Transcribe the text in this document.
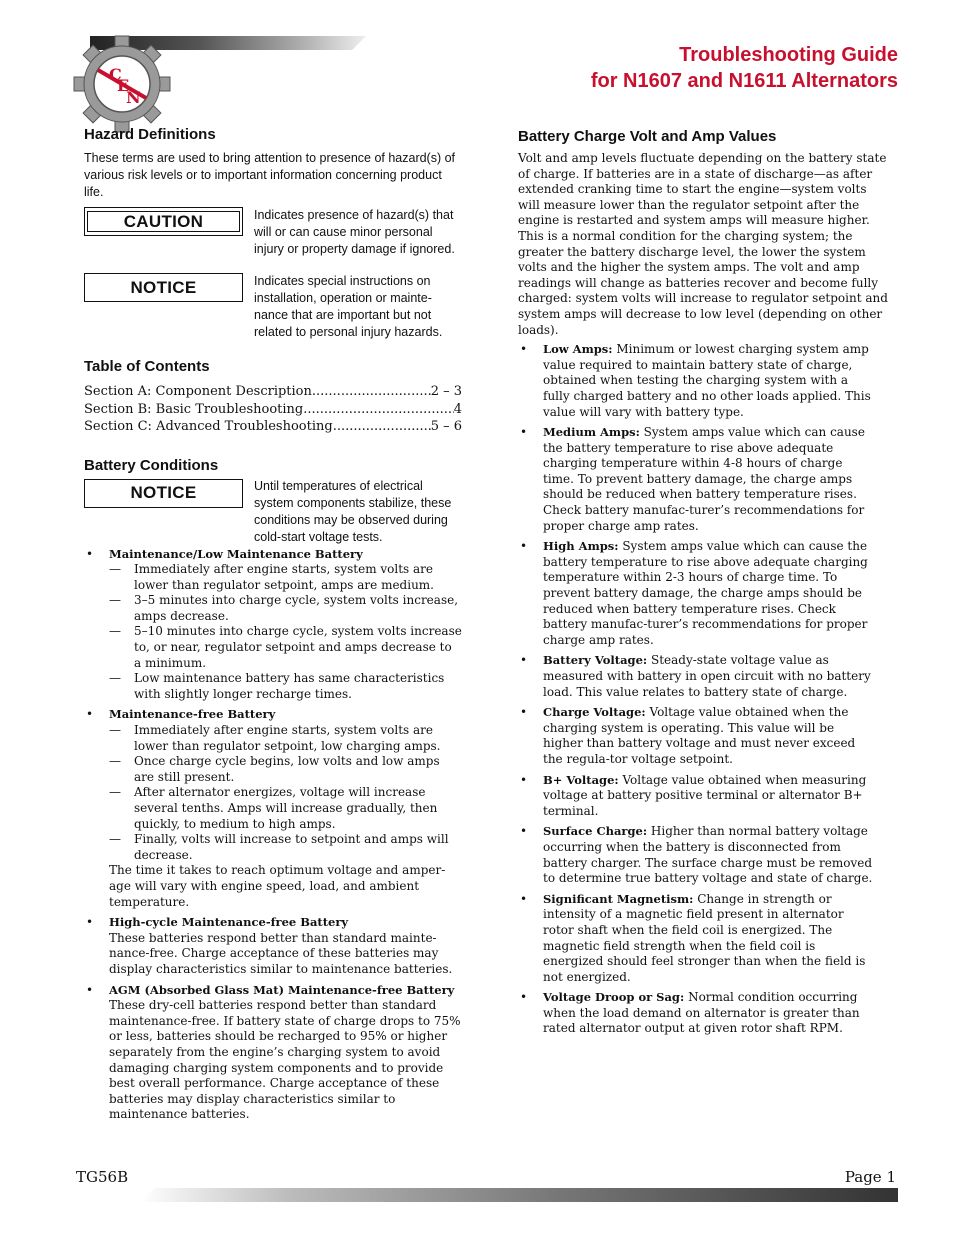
C
E
N
Troubleshooting Guide
for N1607 and N1611 Alternators
Hazard Definitions

These terms are used to bring attention to presence of hazard(s) of various risk levels or to important information concerning product life.

CAUTION	Indicates presence of hazard(s) that will or can cause minor personal injury or property damage if ignored.
NOTICE	Indicates special instructions on installation, operation or mainte-nance that are important but not related to personal injury hazards.
Table of Contents
Section A: Component Description .....	2 – 3
Section B: Basic Troubleshooting .....	4
Section C: Advanced Troubleshooting .....	5 – 6
Battery Conditions
NOTICE	Until temperatures of electrical system components stabilize, these conditions may be observed during cold-start voltage tests.
• Maintenance/Low Maintenance Battery
— Immediately after engine starts, system volts are lower than regulator setpoint, amps are medium.
— 3–5 minutes into charge cycle, system volts increase, amps decrease.
— 5–10 minutes into charge cycle, system volts increase to, or near, regulator setpoint and amps decrease to a minimum.
— Low maintenance battery has same characteristics with slightly longer recharge times.
• Maintenance-free Battery
— Immediately after engine starts, system volts are lower than regulator setpoint, low charging amps.
— Once charge cycle begins, low volts and low amps are still present.
— After alternator energizes, voltage will increase several tenths. Amps will increase gradually, then quickly, to medium to high amps.
— Finally, volts will increase to setpoint and amps will decrease.
The time it takes to reach optimum voltage and amper-age will vary with engine speed, load, and ambient temperature.
• High-cycle Maintenance-free Battery
These batteries respond better than standard mainte-nance-free. Charge acceptance of these batteries may display characteristics similar to maintenance batteries.
• AGM (Absorbed Glass Mat) Maintenance-free Battery
These dry-cell batteries respond better than standard maintenance-free. If battery state of charge drops to 75% or less, batteries should be recharged to 95% or higher separately from the engine’s charging system to avoid damaging charging system components and to provide best overall performance. Charge acceptance of these batteries may display characteristics similar to maintenance batteries.
Battery Charge Volt and Amp Values

Volt and amp levels fluctuate depending on the battery state of charge. If batteries are in a state of discharge—as after extended cranking time to start the engine—system volts will measure lower than the regulator setpoint after the

engine is restarted and system amps will measure higher. This is a normal condition for the charging system; the greater the battery discharge level, the lower the system volts and the higher the system amps. The volt and amp readings will change as batteries recover and become fully charged: system volts will increase to regulator setpoint and system amps will decrease to low level (depending on other loads).

• Low Amps: Minimum or lowest charging system amp value required to maintain battery state of charge, obtained when testing the charging system with a fully charged battery and no other loads applied. This value will vary with battery type.
• Medium Amps: System amps value which can cause the battery temperature to rise above adequate charging temperature within 4-8 hours of charge time. To prevent battery damage, the charge amps should be reduced when battery temperature rises. Check battery manufac-turer’s recommendations for proper charge amp rates.
• High Amps: System amps value which can cause the battery temperature to rise above adequate charging temperature within 2-3 hours of charge time. To prevent battery damage, the charge amps should be reduced when battery temperature rises. Check battery manufac-turer’s recommendations for proper charge amp rates.
• Battery Voltage: Steady-state voltage value as measured with battery in open circuit with no battery load. This value relates to battery state of charge.
• Charge Voltage: Voltage value obtained when the charging system is operating. This value will be higher than battery voltage and must never exceed the regula-tor voltage setpoint.
• B+ Voltage: Voltage value obtained when measuring voltage at battery positive terminal or alternator B+ terminal.
• Surface Charge: Higher than normal battery voltage occurring when the battery is disconnected from battery charger. The surface charge must be removed to determine true battery voltage and state of charge.
• Significant Magnetism: Change in strength or intensity of a magnetic field present in alternator rotor shaft when the field coil is energized. The magnetic field strength when the field coil is energized should feel stronger than when the field is not energized.
• Voltage Droop or Sag: Normal condition occurring when the load demand on alternator is greater than rated alternator output at given rotor shaft RPM.
TG56B	Page 1
